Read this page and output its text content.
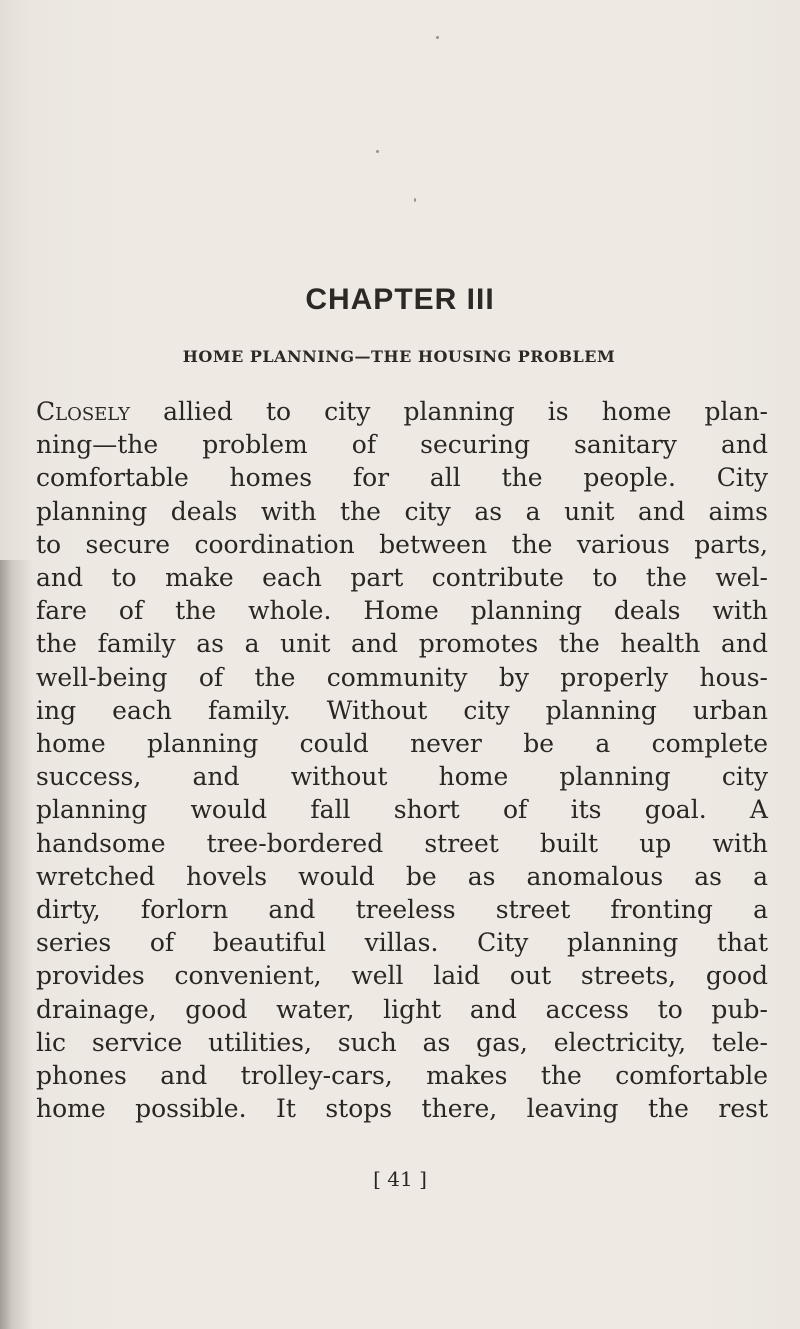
CHAPTER III
HOME PLANNING—THE HOUSING PROBLEM
Closely allied to city planning is home plan-
ning—the problem of securing sanitary and
comfortable homes for all the people. City
planning deals with the city as a unit and aims
to secure coordination between the various parts,
and to make each part contribute to the wel-
fare of the whole. Home planning deals with
the family as a unit and promotes the health and
well-being of the community by properly hous-
ing each family. Without city planning urban
home planning could never be a complete
success, and without home planning city
planning would fall short of its goal. A
handsome tree-bordered street built up with
wretched hovels would be as anomalous as a
dirty, forlorn and treeless street fronting a
series of beautiful villas. City planning that
provides convenient, well laid out streets, good
drainage, good water, light and access to pub-
lic service utilities, such as gas, electricity, tele-
phones and trolley-cars, makes the comfortable
home possible. It stops there, leaving the rest
[ 41 ]
